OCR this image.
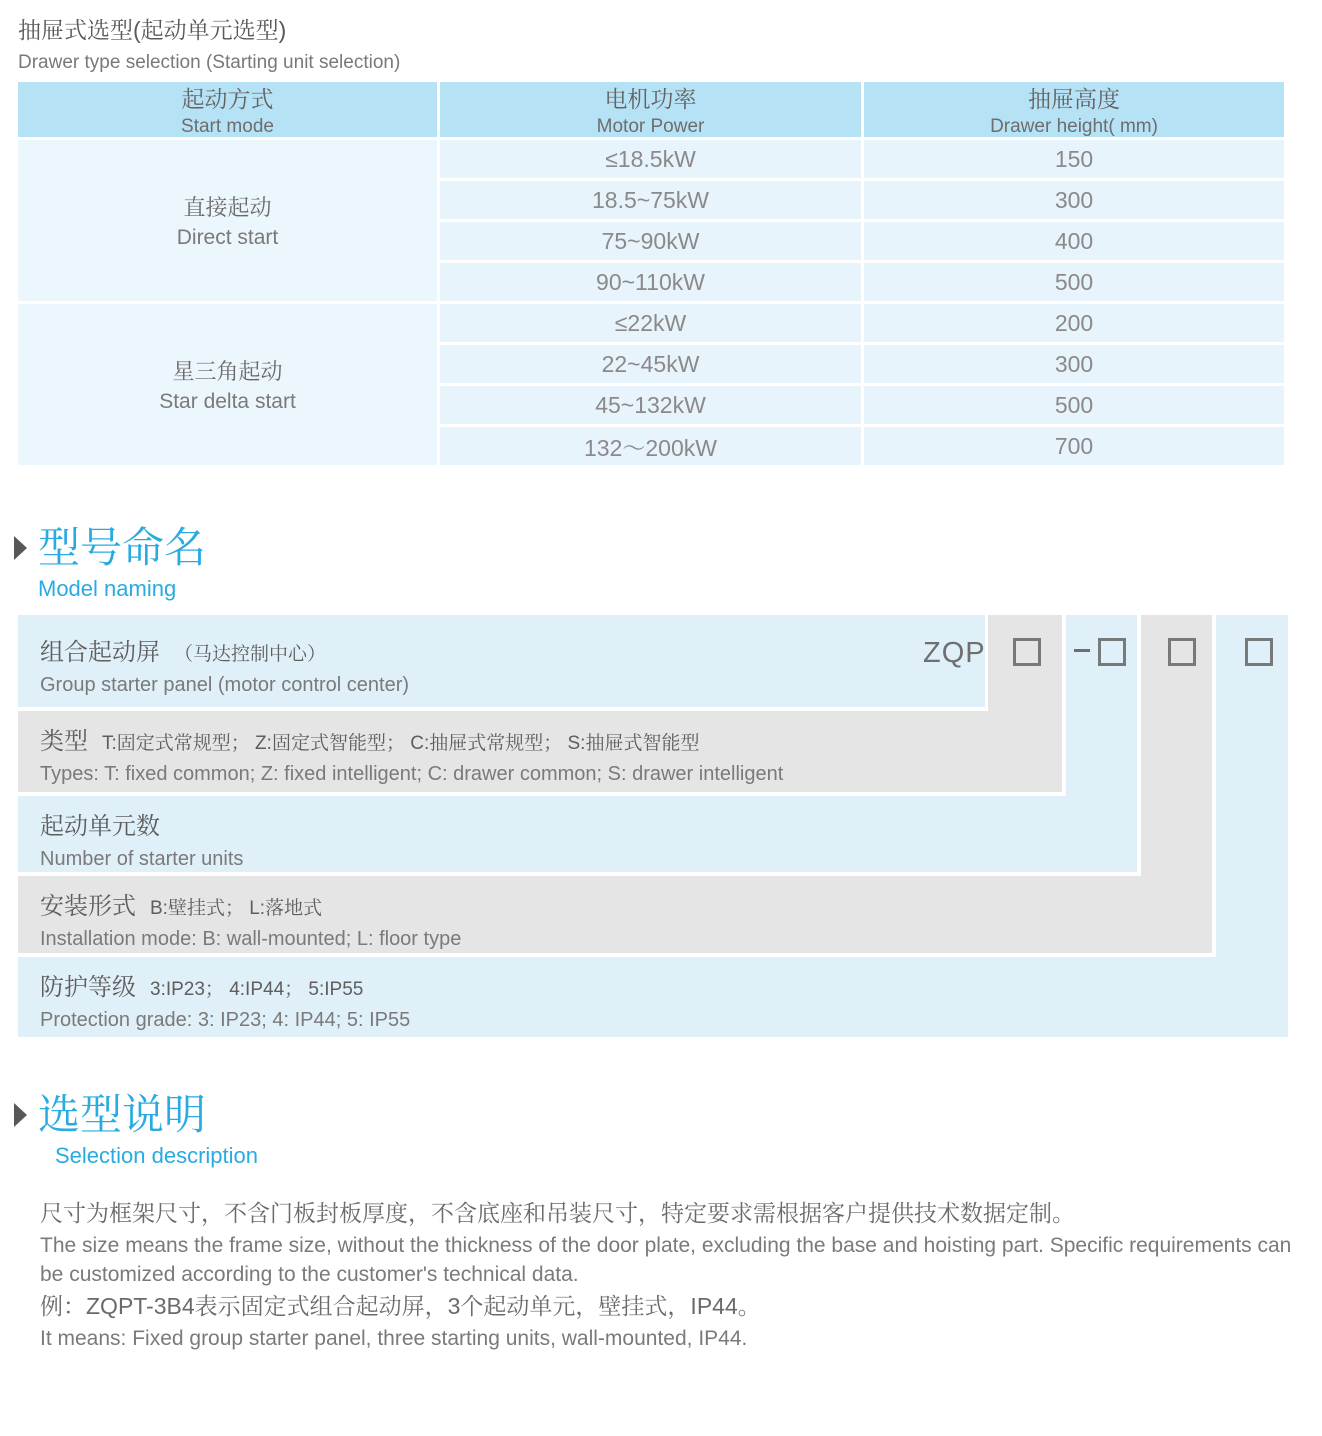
抽屉式选型(起动单元选型)
Drawer type selection (Starting unit selection)
起动方式
Start mode
电机功率
Motor Power
抽屉高度
Drawer height( mm)
直接起动
Direct start
星三角起动
Star delta start
≤18.5kW
18.5~75kW
75~90kW
90~110kW
≤22kW
22~45kW
45~132kW
132～200kW
150
300
400
500
200
300
500
700
型号命名
Model naming
组合起动屏 （马达控制中心）
Group starter panel (motor control center)
类型 T:固定式常规型； Z:固定式智能型； C:抽屉式常规型； S:抽屉式智能型
Types: T: fixed common; Z: fixed intelligent; C: drawer common; S: drawer intelligent
起动单元数
Number of starter units
安装形式 B:壁挂式； L:落地式
Installation mode: B: wall-mounted; L: floor type
防护等级 3:IP23； 4:IP44； 5:IP55
Protection grade: 3: IP23; 4: IP44; 5: IP55
ZQP
选型说明
Selection description
尺寸为框架尺寸，不含门板封板厚度，不含底座和吊装尺寸，特定要求需根据客户提供技术数据定制。
The size means the frame size, without the thickness of the door plate, excluding the base and hoisting part. Specific requirements can be customized according to the customer's technical data.
例：ZQPT-3B4表示固定式组合起动屏，3个起动单元，壁挂式，IP44。
It means: Fixed group starter panel, three starting units, wall-mounted, IP44.
